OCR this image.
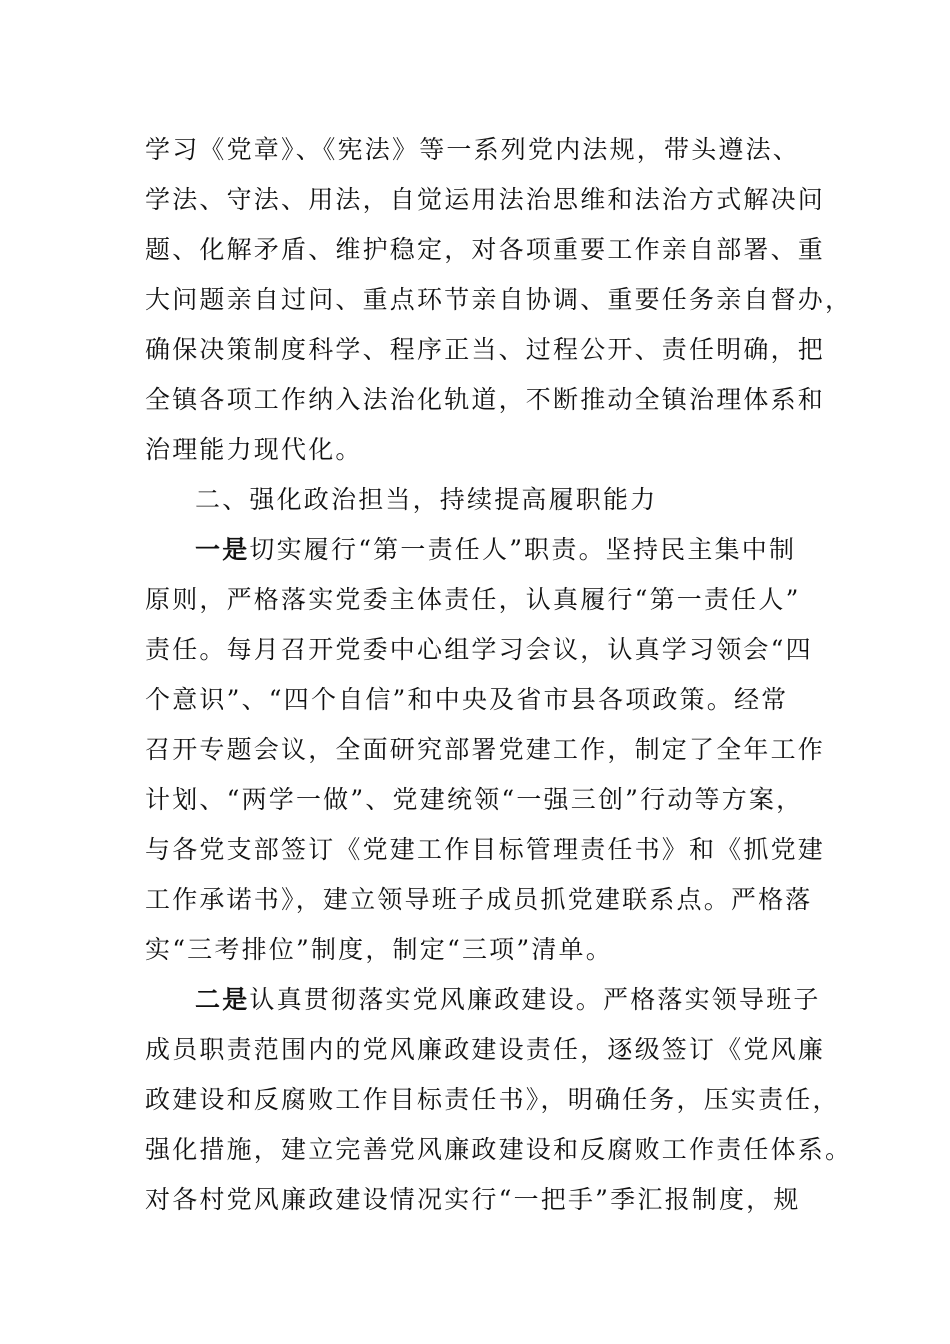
学习《党章》、《宪法》等一系列党内法规，带头遵法、
学法、守法、用法，自觉运用法治思维和法治方式解决问
题、化解矛盾、维护稳定，对各项重要工作亲自部署、重
大问题亲自过问、重点环节亲自协调、重要任务亲自督办，
确保决策制度科学、程序正当、过程公开、责任明确，把
全镇各项工作纳入法治化轨道，不断推动全镇治理体系和
治理能力现代化。
二、强化政治担当，持续提高履职能力
一是切实履行“第一责任人”职责。坚持民主集中制
原则，严格落实党委主体责任，认真履行“第一责任人”
责任。每月召开党委中心组学习会议，认真学习领会“四
个意识”、“四个自信”和中央及省市县各项政策。经常
召开专题会议，全面研究部署党建工作，制定了全年工作
计划、“两学一做”、党建统领“一强三创”行动等方案，
与各党支部签订《党建工作目标管理责任书》和《抓党建
工作承诺书》，建立领导班子成员抓党建联系点。严格落
实“三考排位”制度，制定“三项”清单。
二是认真贯彻落实党风廉政建设。严格落实领导班子
成员职责范围内的党风廉政建设责任，逐级签订《党风廉
政建设和反腐败工作目标责任书》，明确任务，压实责任，
强化措施，建立完善党风廉政建设和反腐败工作责任体系。
对各村党风廉政建设情况实行“一把手”季汇报制度，规
